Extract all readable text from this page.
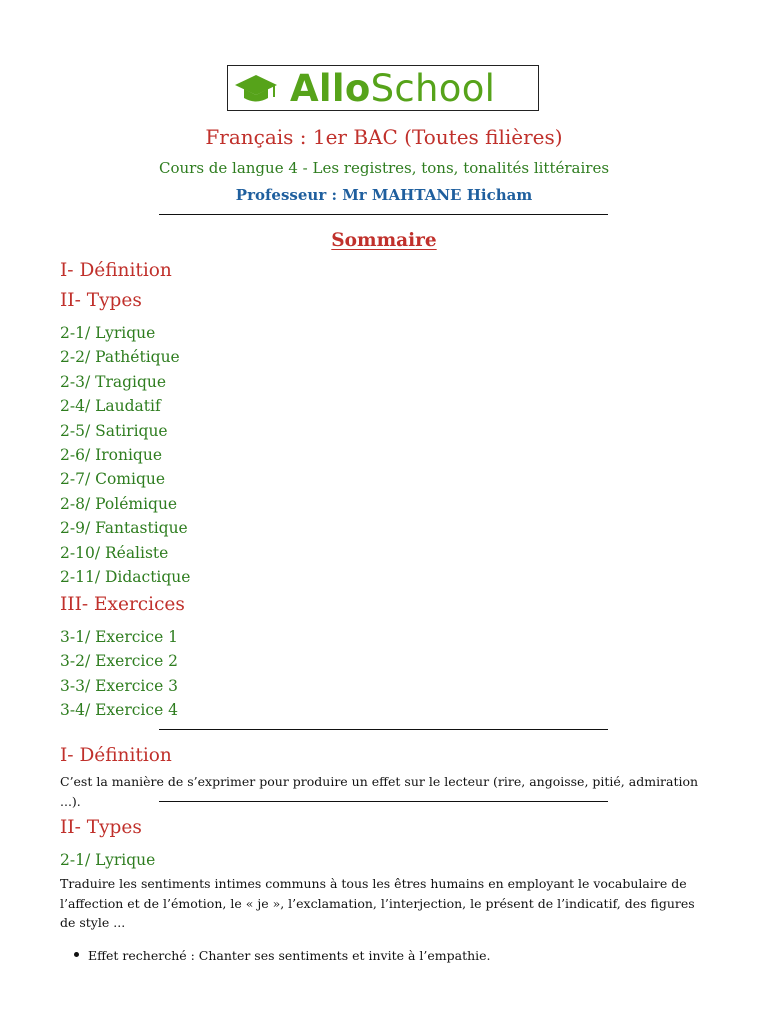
AlloSchool
Français : 1er BAC (Toutes filières)
Cours de langue 4 - Les registres, tons, tonalités littéraires
Professeur : Mr MAHTANE Hicham
Sommaire
I- Définition
II- Types
2-1/ Lyrique
2-2/ Pathétique
2-3/ Tragique
2-4/ Laudatif
2-5/ Satirique
2-6/ Ironique
2-7/ Comique
2-8/ Polémique
2-9/ Fantastique
2-10/ Réaliste
2-11/ Didactique
III- Exercices
3-1/ Exercice 1
3-2/ Exercice 2
3-3/ Exercice 3
3-4/ Exercice 4
I- Définition
C’est la manière de s’exprimer pour produire un effet sur le lecteur (rire, angoisse, pitié, admiration ...).
II- Types
2-1/ Lyrique
Traduire les sentiments intimes communs à tous les êtres humains en employant le vocabulaire de l’affection et de l’émotion, le « je », l’exclamation, l’interjection, le présent de l’indicatif, des figures de style ...
Effet recherché : Chanter ses sentiments et invite à l’empathie.
